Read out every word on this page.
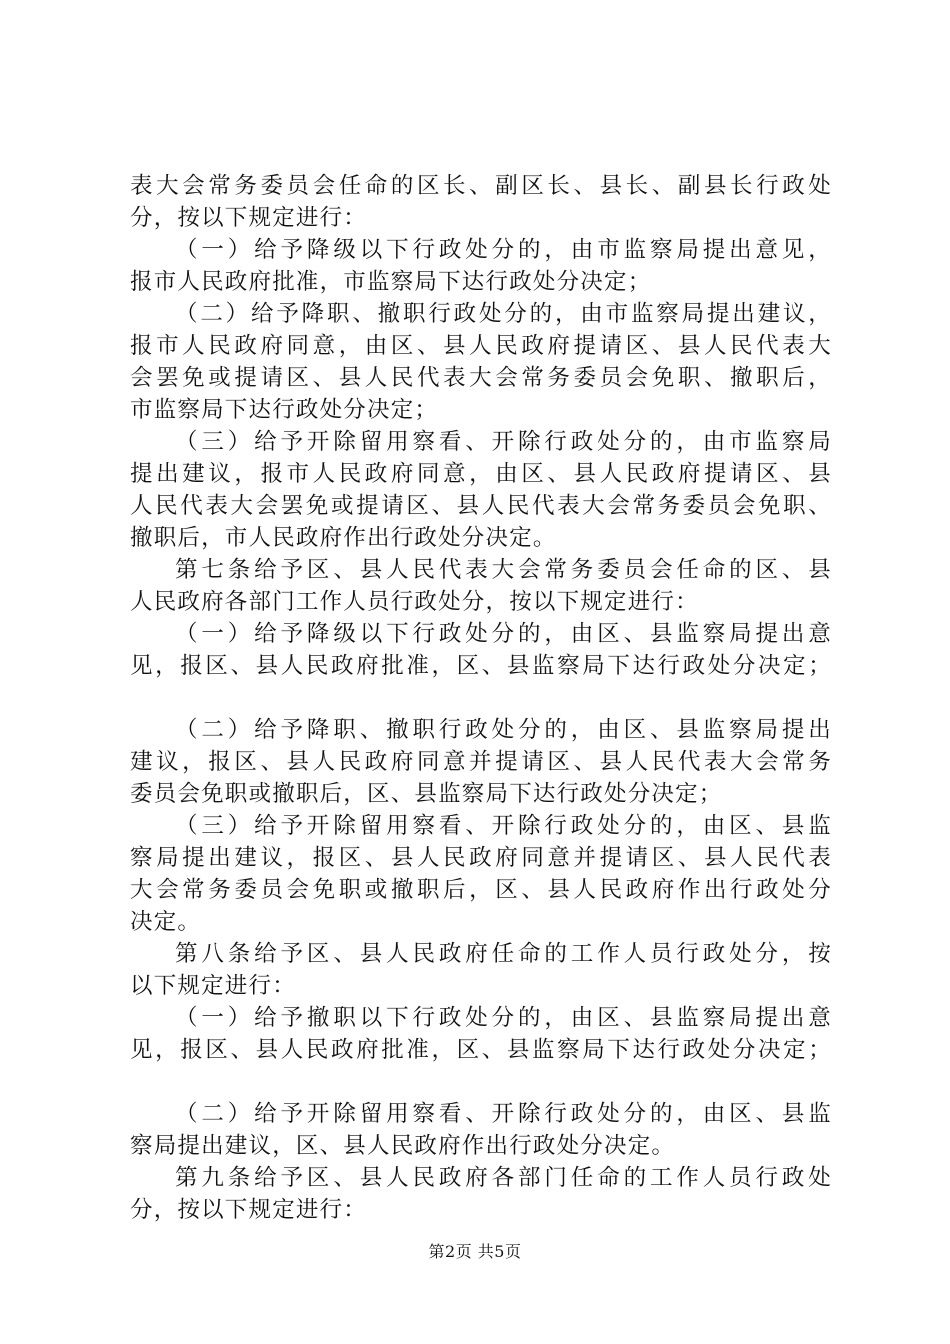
表大会常务委员会任命的区长、副区长、县长、副县长行政处
分，按以下规定进行：
（一）给予降级以下行政处分的，由市监察局提出意见，
报市人民政府批准，市监察局下达行政处分决定；
（二）给予降职、撤职行政处分的，由市监察局提出建议，
报市人民政府同意，由区、县人民政府提请区、县人民代表大
会罢免或提请区、县人民代表大会常务委员会免职、撤职后，
市监察局下达行政处分决定；
（三）给予开除留用察看、开除行政处分的，由市监察局
提出建议，报市人民政府同意，由区、县人民政府提请区、县
人民代表大会罢免或提请区、县人民代表大会常务委员会免职、
撤职后，市人民政府作出行政处分决定。
第七条给予区、县人民代表大会常务委员会任命的区、县
人民政府各部门工作人员行政处分，按以下规定进行：
（一）给予降级以下行政处分的，由区、县监察局提出意
见，报区、县人民政府批准，区、县监察局下达行政处分决定；
（二）给予降职、撤职行政处分的，由区、县监察局提出
建议，报区、县人民政府同意并提请区、县人民代表大会常务
委员会免职或撤职后，区、县监察局下达行政处分决定；
（三）给予开除留用察看、开除行政处分的，由区、县监
察局提出建议，报区、县人民政府同意并提请区、县人民代表
大会常务委员会免职或撤职后，区、县人民政府作出行政处分
决定。
第八条给予区、县人民政府任命的工作人员行政处分，按
以下规定进行：
（一）给予撤职以下行政处分的，由区、县监察局提出意
见，报区、县人民政府批准，区、县监察局下达行政处分决定；
（二）给予开除留用察看、开除行政处分的，由区、县监
察局提出建议，区、县人民政府作出行政处分决定。
第九条给予区、县人民政府各部门任命的工作人员行政处
分，按以下规定进行：
第2页 共5页
